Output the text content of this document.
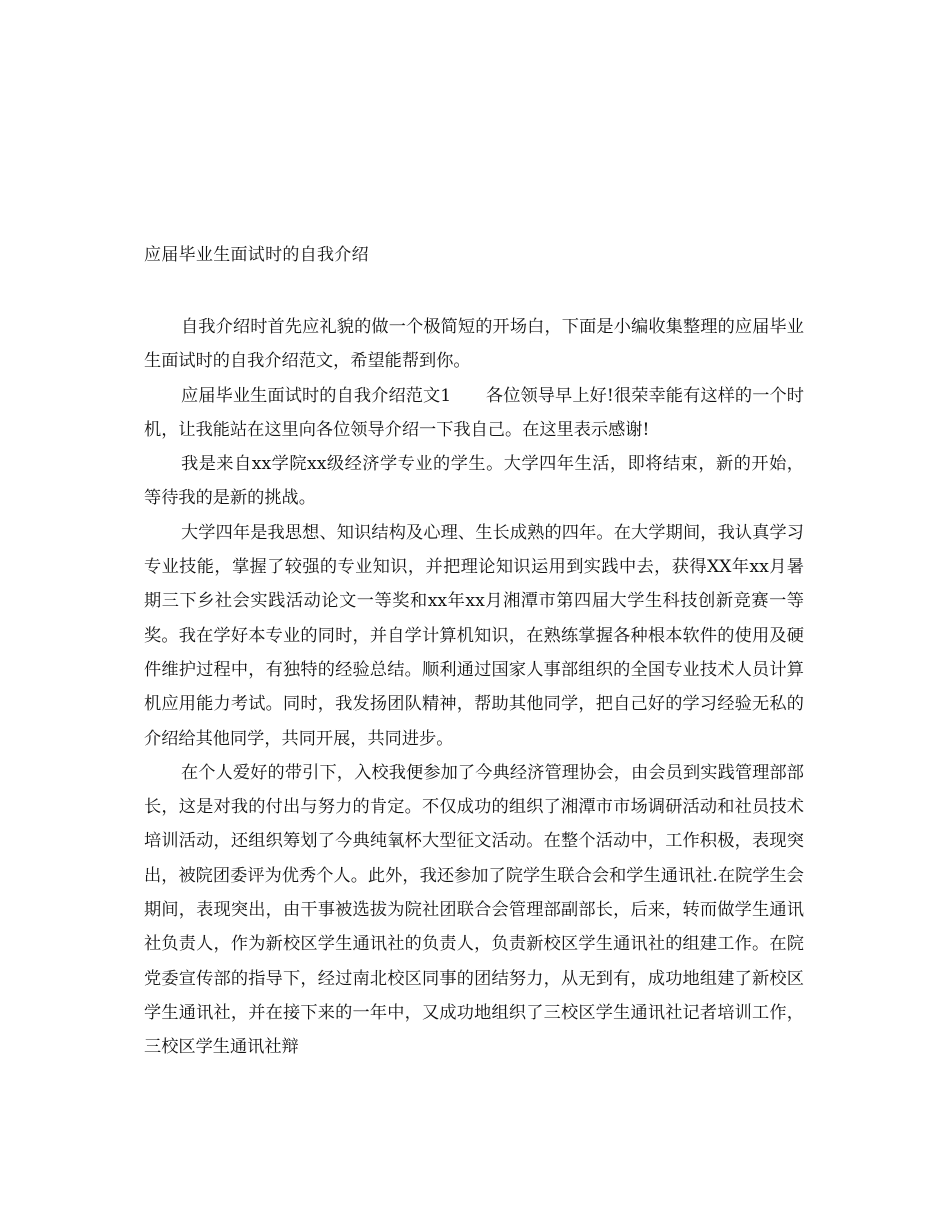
应届毕业生面试时的自我介绍

自我介绍时首先应礼貌的做一个极简短的开场白，下面是小编收集整理的应届毕业生面试时的自我介绍范文，希望能帮到你。

应届毕业生面试时的自我介绍范文1　　各位领导早上好!很荣幸能有这样的一个时机，让我能站在这里向各位领导介绍一下我自己。在这里表示感谢!

我是来自xx学院xx级经济学专业的学生。大学四年生活，即将结束，新的开始，等待我的是新的挑战。

大学四年是我思想、知识结构及心理、生长成熟的四年。在大学期间，我认真学习专业技能，掌握了较强的专业知识，并把理论知识运用到实践中去，获得XX年xx月暑期三下乡社会实践活动论文一等奖和xx年xx月湘潭市第四届大学生科技创新竞赛一等奖。我在学好本专业的同时，并自学计算机知识，在熟练掌握各种根本软件的使用及硬件维护过程中，有独特的经验总结。顺利通过国家人事部组织的全国专业技术人员计算机应用能力考试。同时，我发扬团队精神，帮助其他同学，把自己好的学习经验无私的介绍给其他同学，共同开展，共同进步。

在个人爱好的带引下，入校我便参加了今典经济管理协会，由会员到实践管理部部长，这是对我的付出与努力的肯定。不仅成功的组织了湘潭市市场调研活动和社员技术培训活动，还组织筹划了今典纯氧杯大型征文活动。在整个活动中，工作积极，表现突出，被院团委评为优秀个人。此外，我还参加了院学生联合会和学生通讯社.在院学生会期间，表现突出，由干事被选拔为院社团联合会管理部副部长，后来，转而做学生通讯社负责人，作为新校区学生通讯社的负责人，负责新校区学生通讯社的组建工作。在院党委宣传部的指导下，经过南北校区同事的团结努力，从无到有，成功地组建了新校区学生通讯社，并在接下来的一年中，又成功地组织了三校区学生通讯社记者培训工作，三校区学生通讯社辩
